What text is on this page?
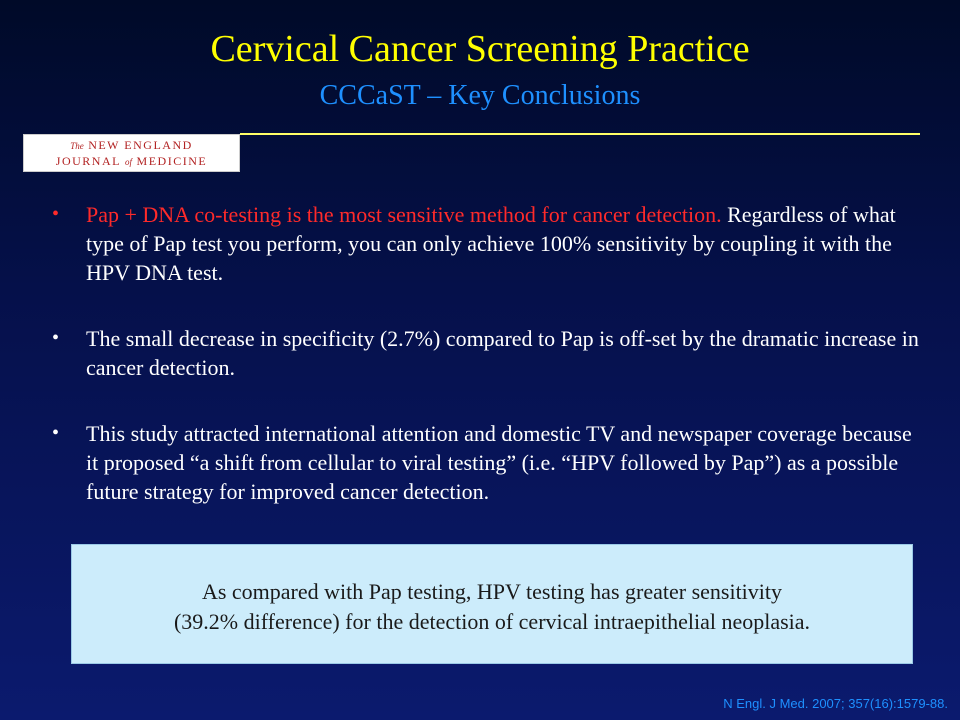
Cervical Cancer Screening Practice
CCCaST – Key Conclusions
The NEW ENGLAND
JOURNAL of MEDICINE
• Pap + DNA co-testing is the most sensitive method for cancer detection. Regardless of what type of Pap test you perform, you can only achieve 100% sensitivity by coupling it with the HPV DNA test.
• The small decrease in specificity (2.7%) compared to Pap is off-set by the dramatic increase in cancer detection.
• This study attracted international attention and domestic TV and newspaper coverage because it proposed “a shift from cellular to viral testing” (i.e. “HPV followed by Pap”) as a possible future strategy for improved cancer detection.
As compared with Pap testing, HPV testing has greater sensitivity
(39.2% difference) for the detection of cervical intraepithelial neoplasia.
N Engl. J Med. 2007; 357(16):1579-88.
